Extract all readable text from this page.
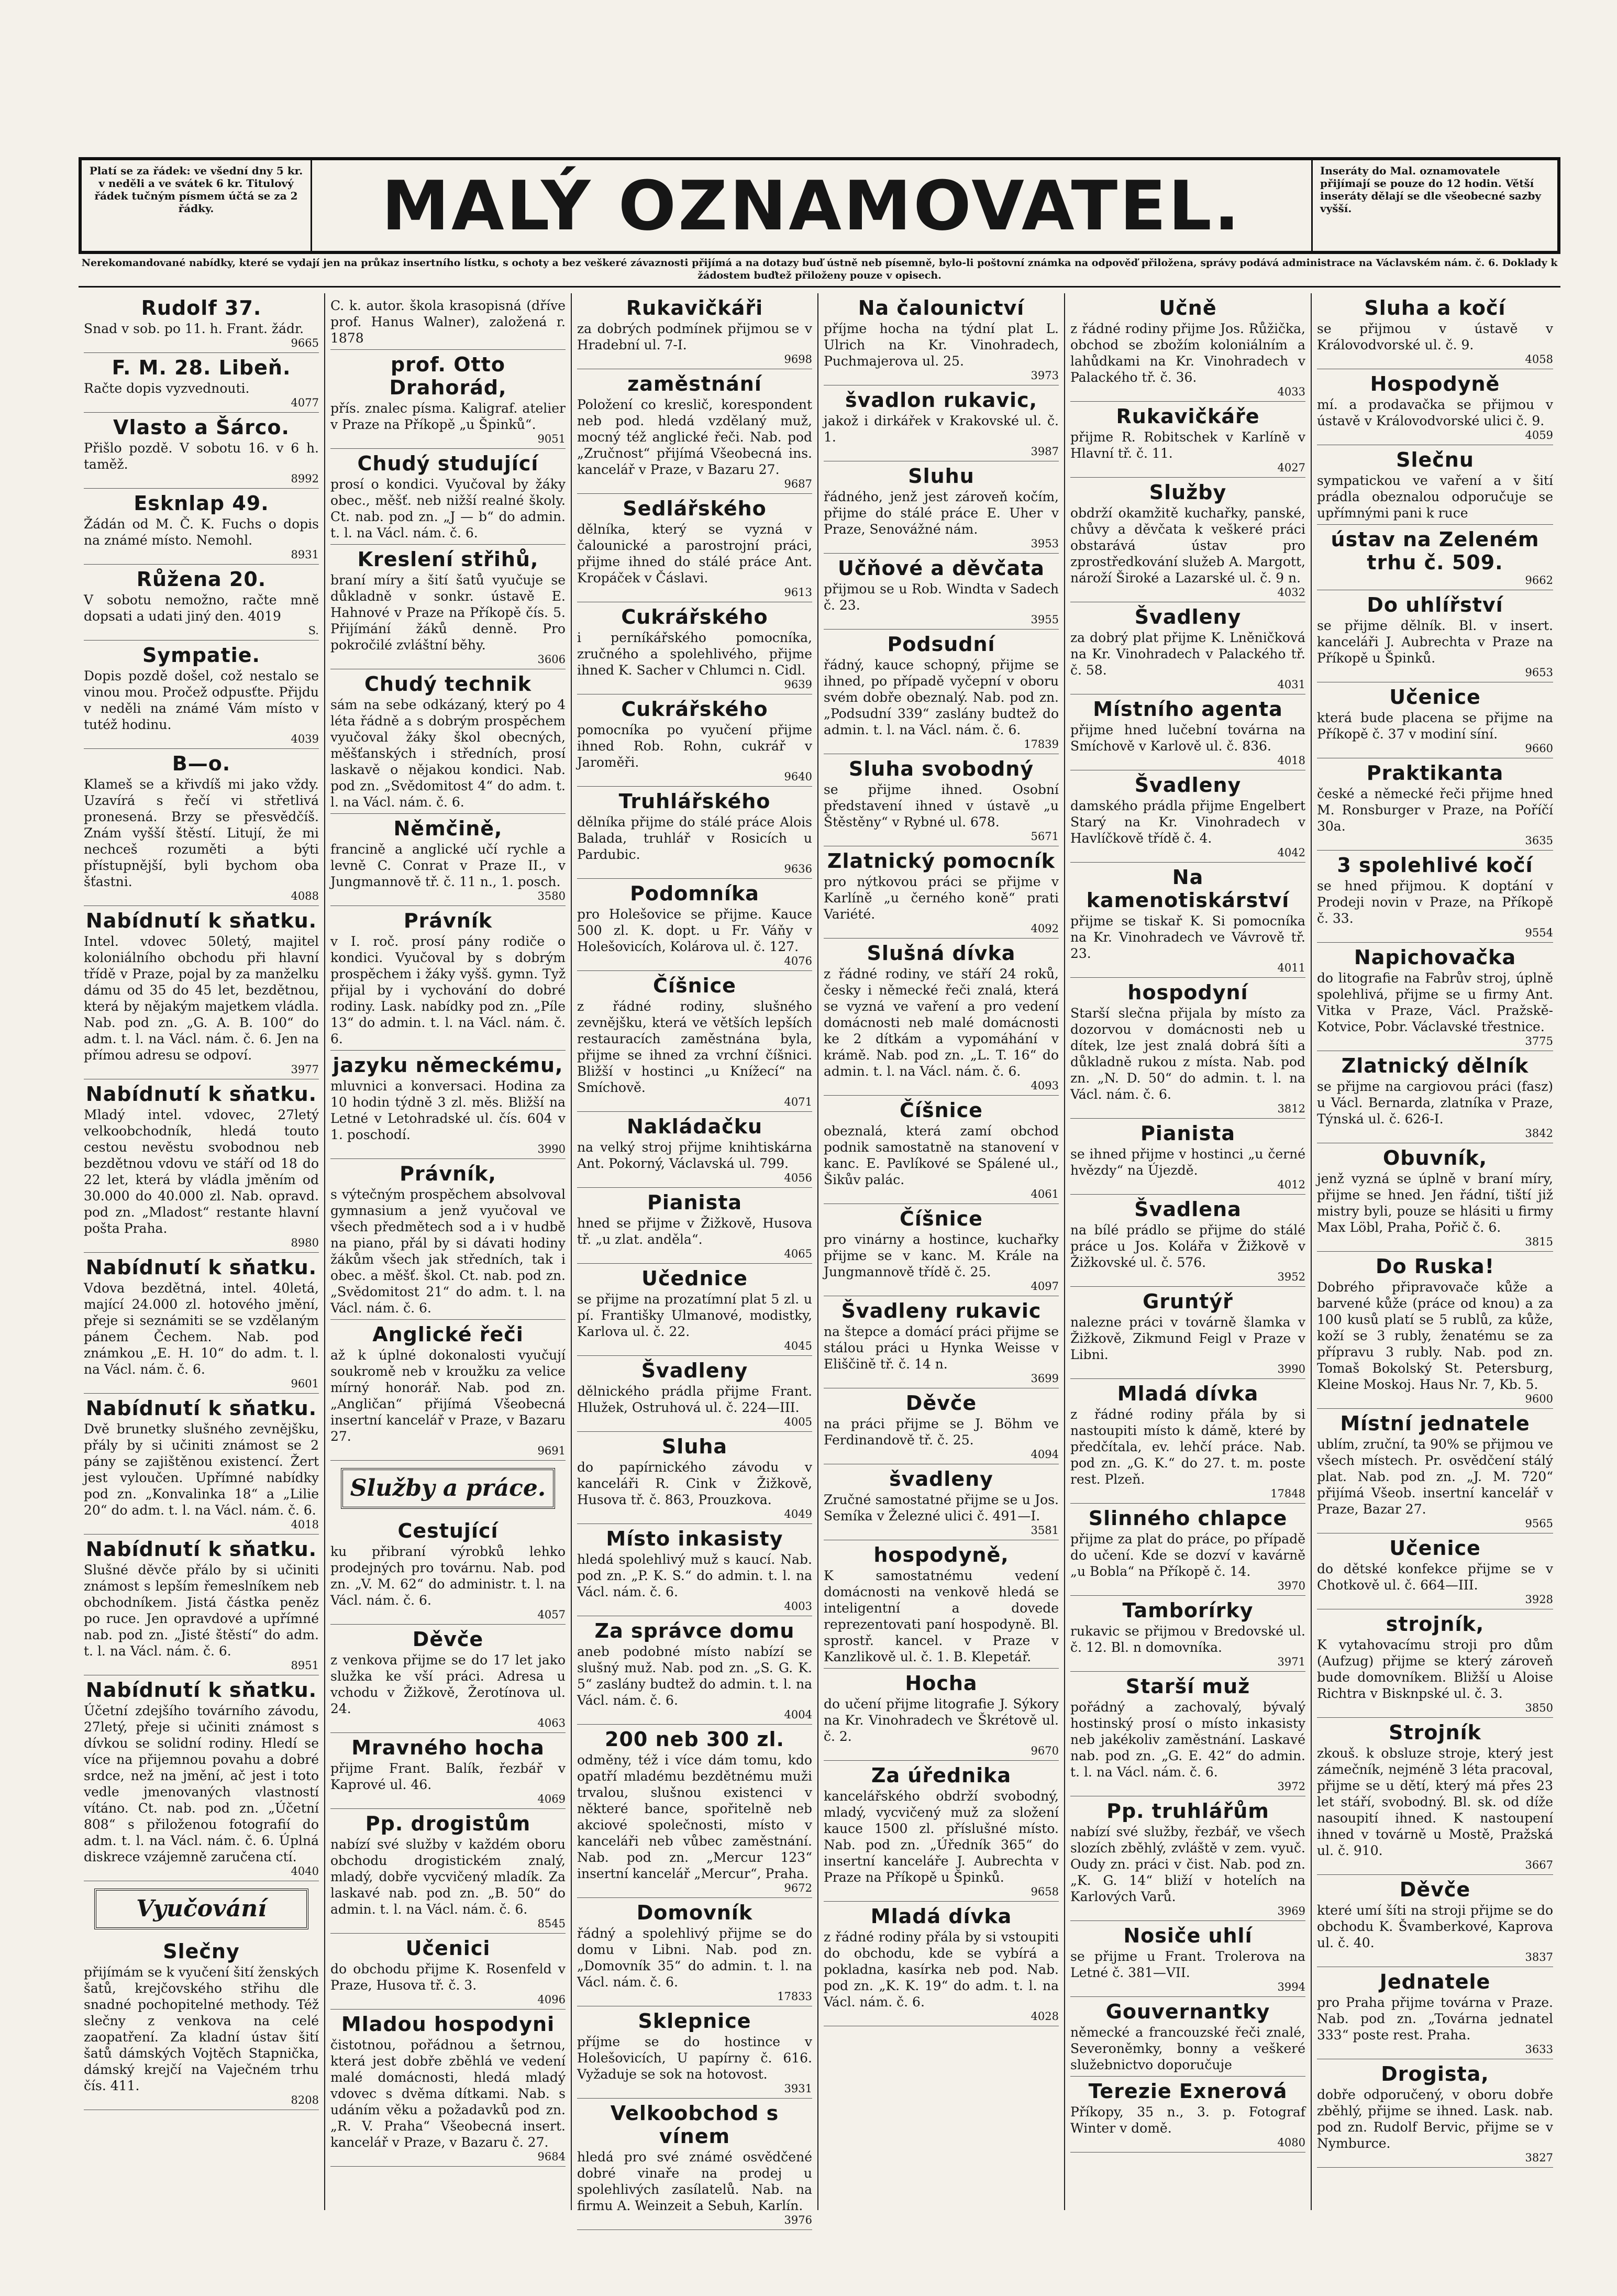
Platí se za řádek: ve všední dny 5 kr. v neděli a ve svátek 6 kr. Titulový řádek tučným písmem účtá se za 2 řádky.	MALÝ OZNAMOVATEL.	Inseráty do Mal. oznamovatele přijímají se pouze do 12 hodin. Větší inseráty dělají se dle všeobecné sazby vyšší.
Nerekomandované nabídky, které se vydají jen na průkaz insertního lístku, s ochoty a bez veškeré závaznosti přijímá a na dotazy buď ústně neb písemně, bylo-li poštovní známka na odpověď přiložena, správy podává administrace na Václavském nám. č. 6. Doklady k žádostem buďtež přiloženy pouze v opisech.
Rudolf 37.

Snad v sob. po 11. h. Frant. žádr.

9665
F. M. 28. Libeň.

Račte dopis vyzvednouti.

4077
Vlasto a Šárco.

Přišlo pozdě. V sobotu 16. v 6 h. taměž.

8992
Esknlap 49.

Žádán od M. Č. K. Fuchs o dopis na známé místo. Nemohl.

8931
Růžena 20.

V sobotu nemožno, račte mně dopsati a udati jiný den. 4019

S.
Sympatie.

Dopis pozdě došel, což nestalo se vinou mou. Pročež odpusťte. Přijdu v neděli na známé Vám místo v tutéž hodinu.

4039
B—o.

Klameš se a křivdíš mi jako vždy. Uzavírá s řečí vi střetlivá pronesená. Brzy se přesvědčíš. Znám vyšší štěstí. Litují, že mi nechceš rozuměti a býti přístupnější, byli bychom oba šťastni.

4088
Nabídnutí k sňatku.

Intel. vdovec 50letý, majitel koloniálního obchodu při hlavní třídě v Praze, pojal by za manželku dámu od 35 do 45 let, bezdětnou, která by nějakým majetkem vládla. Nab. pod zn. „G. A. B. 100“ do adm. t. l. na Václ. nám. č. 6. Jen na přímou adresu se odpoví.

3977
Nabídnutí k sňatku.

Mladý intel. vdovec, 27letý velkoobchodník, hledá touto cestou nevěstu svobodnou neb bezdětnou vdovu ve stáří od 18 do 22 let, která by vládla jměním od 30.000 do 40.000 zl. Nab. opravd. pod zn. „Mladost“ restante hlavní pošta Praha.

8980
Nabídnutí k sňatku.

Vdova bezdětná, intel. 40letá, mající 24.000 zl. hotového jmění, přeje si seznámiti se se vzdělaným pánem Čechem. Nab. pod známkou „E. H. 10“ do adm. t. l. na Václ. nám. č. 6.

9601
Nabídnutí k sňatku.

Dvě brunetky slušného zevnějšku, přály by si učiniti známost se 2 pány se zajištěnou existencí. Žert jest vyloučen. Upřímné nabídky pod zn. „Konvalinka 18“ a „Lilie 20“ do adm. t. l. na Václ. nám. č. 6.

4018
Nabídnutí k sňatku.

Slušné děvče přálo by si učiniti známost s lepším řemeslníkem neb obchodníkem. Jistá částka peněz po ruce. Jen opravdové a upřímné nab. pod zn. „Jisté štěstí“ do adm. t. l. na Václ. nám. č. 6.

8951
Nabídnutí k sňatku.

Účetní zdejšího továrního závodu, 27letý, přeje si učiniti známost s dívkou se solidní rodiny. Hledí se více na přijemnou povahu a dobré srdce, než na jmění, ač jest i toto vedle jmenovaných vlastností vítáno. Ct. nab. pod zn. „Účetní 808“ s přiloženou fotografií do adm. t. l. na Václ. nám. č. 6. Úplná diskrece vzájemně zaručena ctí.

4040
Vyučování
Slečny

přijímám se k vyučení šití ženských šatů, krejčovského střihu dle snadné pochopitelné methody. Též slečny z venkova na celé zaopatření. Za kladní ústav šití šatů dámských Vojtěch Stapnička, dámský krejčí na Vaječném trhu čís. 411.

8208

C. k. autor. škola krasopisná (dříve prof. Hanus Walner), založená r. 1878

prof. Otto Drahorád,

přís. znalec písma. Kaligraf. atelier v Praze na Příkopě „u Špinků“.

9051
Chudý studující

prosí o kondici. Vyučoval by žáky obec., měšť. neb nižší realné školy. Ct. nab. pod zn. „J — b“ do admin. t. l. na Václ. nám. č. 6.

Kreslení střihů,

braní míry a šití šatů vyučuje se důkladně v sonkr. ústavě E. Hahnové v Praze na Příkopě čís. 5. Přijímání žáků denně. Pro pokročilé zvláštní běhy.

3606
Chudý technik

sám na sebe odkázaný, který po 4 léta řádně a s dobrým prospěchem vyučoval žáky škol obecných, měšťanských i středních, prosí laskavě o nějakou kondici. Nab. pod zn. „Svědomitost 4“ do adm. t. l. na Václ. nám. č. 6.

Němčině,

francině a anglické učí rychle a levně C. Conrat v Praze II., v Jungmannově tř. č. 11 n., 1. posch.

3580
Právník

v I. roč. prosí pány rodiče o kondici. Vyučoval by s dobrým prospěchem i žáky vyšš. gymn. Tyž přijal by i vychování do dobré rodiny. Lask. nabídky pod zn. „Píle 13“ do admin. t. l. na Václ. nám. č. 6.

jazyku německému,

mluvnici a konversaci. Hodina za 10 hodin týdně 3 zl. měs. Bližší na Letné v Letohradské ul. čís. 604 v 1. poschodí.

3990
Právník,

s výtečným prospěchem absolvoval gymnasium a jenž vyučoval ve všech předmětech sod a i v hudbě na piano, přál by si dávati hodiny žákům všech jak středních, tak i obec. a měšť. škol. Ct. nab. pod zn. „Svědomitost 21“ do adm. t. l. na Václ. nám. č. 6.

Anglické řeči

až k úplné dokonalosti vyučují soukromě neb v kroužku za velice mírný honorář. Nab. pod zn. „Angličan“ přijímá Všeobecná insertní kancelář v Praze, v Bazaru 27.

9691
Služby a práce.
Cestující

ku přibraní výrobků lehko prodejných pro továrnu. Nab. pod zn. „V. M. 62“ do administr. t. l. na Václ. nám. č. 6.

4057
Děvče

z venkova přijme se do 17 let jako služka ke vší práci. Adresa u vchodu v Žižkově, Žerotínova ul. 24.

4063
Mravného hocha

přijme Frant. Balík, řezbář v Kaprové ul. 46.

4069
Pp. drogistům

nabízí své služby v každém oboru obchodu drogistickém znalý, mladý, dobře vycvičený mladík. Za laskavé nab. pod zn. „B. 50“ do admin. t. l. na Václ. nám. č. 6.

8545
Učenici

do obchodu přijme K. Rosenfeld v Praze, Husova tř. č. 3.

4096
Mladou hospodyni

čistotnou, pořádnou a šetrnou, která jest dobře zběhlá ve vedení malé domácnosti, hledá mladý vdovec s dvěma dítkami. Nab. s udáním věku a požadavků pod zn. „R. V. Praha“ Všeobecná insert. kancelář v Praze, v Bazaru č. 27.

9684
Rukavičkáři

za dobrých podmínek přijmou se v Hradební ul. 7-I.

9698
zaměstnání

Položení co kreslič, korespondent neb pod. hledá vzdělaný muž, mocný též anglické řeči. Nab. pod „Zručnost“ přijímá Všeobecná ins. kancelář v Praze, v Bazaru 27.

9687
Sedlářského

dělníka, který se vyzná v čalounické a parostrojní práci, přijme ihned do stálé práce Ant. Kropáček v Čáslavi.

9613
Cukrářského

i perníkářského pomocníka, zručného a spolehlivého, přijme ihned K. Sacher v Chlumci n. Cidl.

9639
Cukrářského

pomocníka po vyučení přijme ihned Rob. Rohn, cukrář v Jaroměři.

9640
Truhlářského

dělníka přijme do stálé práce Alois Balada, truhlář v Rosicích u Pardubic.

9636
Podomníka

pro Holešovice se přijme. Kauce 500 zl. K. dopt. u Fr. Váňy v Holešovicích, Kolárova ul. č. 127.

4076
Číšnice

z řádné rodiny, slušného zevnějšku, která ve větších lepších restauracích zaměstnána byla, přijme se ihned za vrchní číšnici. Bližší v hostinci „u Knížecí“ na Smíchově.

4071
Nakládačku

na velký stroj přijme knihtiskárna Ant. Pokorný, Václavská ul. 799.

4056
Pianista

hned se přijme v Žižkově, Husova tř. „u zlat. anděla“.

4065
Učednice

se přijme na prozatímní plat 5 zl. u pí. Františky Ulmanové, modistky, Karlova ul. č. 22.

4045
Švadleny

dělnického prádla přijme Frant. Hlužek, Ostruhová ul. č. 224—III.

4005
Sluha

do papírnického závodu v kanceláři R. Cink v Žižkově, Husova tř. č. 863, Prouzkova.

4049
Místo inkasisty

hledá spolehlivý muž s kaucí. Nab. pod zn. „P. K. S.“ do admin. t. l. na Václ. nám. č. 6.

4003
Za správce domu

aneb podobné místo nabízí se slušný muž. Nab. pod zn. „S. G. K. 5“ zaslány budtež do admin. t. l. na Václ. nám. č. 6.

4004
200 neb 300 zl.

odměny, též i více dám tomu, kdo opatří mladému bezdětnému muži trvalou, slušnou existenci v některé bance, spořitelně neb akciové společnosti, místo v kanceláři neb vůbec zaměstnání. Nab. pod zn. „Mercur 123“ insertní kancelář „Mercur“, Praha.

9672
Domovník

řádný a spolehlivý přijme se do domu v Libni. Nab. pod zn. „Domovník 35“ do admin. t. l. na Václ. nám. č. 6.

17833
Sklepnice

příjme se do hostince v Holešovicích, U papírny č. 616. Vyžaduje se sok na hotovost.

3931
Velkoobchod s vínem

hledá pro své známé osvědčené dobré vinaře na prodej u spolehlivých zasílatelů. Nab. na firmu A. Weinzeit a Sebuh, Karlín.

3976
Na čalounictví

příjme hocha na týdní plat L. Ulrich na Kr. Vinohradech, Puchmajerova ul. 25.

3973
švadlon rukavic,

jakož i dirkářek v Krakovské ul. č. 1.

3987
Sluhu

řádného, jenž jest zároveň kočím, přijme do stálé práce E. Uher v Praze, Senovážné nám.

3953
Učňové a děvčata

přijmou se u Rob. Windta v Sadech č. 23.

3955
Podsudní

řádný, kauce schopný, přijme se ihned, po případě vyčepní v oboru svém dobře obeznalý. Nab. pod zn. „Podsudní 339“ zaslány budtež do admin. t. l. na Václ. nám. č. 6.

17839
Sluha svobodný

se přijme ihned. Osobní představení ihned v ústavě „u Štěstěny“ v Rybné ul. 678.

5671
Zlatnický pomocník

pro nýtkovou práci se přijme v Karlíně „u černého koně“ prati Variété.

4092
Slušná dívka

z řádné rodiny, ve stáří 24 roků, česky i německé řeči znalá, která se vyzná ve vaření a pro vedení domácnosti neb malé domácnosti ke 2 dítkám a vypomáhání v krámě. Nab. pod zn. „L. T. 16“ do admin. t. l. na Václ. nám. č. 6.

4093
Číšnice

obeznalá, která zamí obchod podnik samostatně na stanovení v kanc. E. Pavlíkové se Spálené ul., Šikův palác.

4061
Číšnice

pro vinárny a hostince, kuchařky přijme se v kanc. M. Krále na Jungmannově třídě č. 25.

4097
Švadleny rukavic

na štepce a domácí práci přijme se stálou práci u Hynka Weisse v Eliščině tř. č. 14 n.

3699
Děvče

na práci přijme se J. Böhm ve Ferdinandově tř. č. 25.

4094
švadleny

Zručné samostatné přijme se u Jos. Semíka v Železné ulici č. 491—I.

3581
hospodyně,

K samostatnému vedení domácnosti na venkově hledá se inteligentní a dovede reprezentovati paní hospodyně. Bl. sprostř. kancel. v Praze v Kanzlikově ul. č. 1. B. Klepetář.

Hocha

do učení přijme litografie J. Sýkory na Kr. Vinohradech ve Škrétově ul. č. 2.

9670
Za úřednika

kancelářského obdrží svobodný, mladý, vycvičený muž za složení kauce 1500 zl. příslušné místo. Nab. pod zn. „Úředník 365“ do insertní kanceláře J. Aubrechta v Praze na Příkopě u Špinků.

9658
Mladá dívka

z řádné rodiny přála by si vstoupiti do obchodu, kde se vybírá a pokladna, kasírka neb pod. Nab. pod zn. „K. K. 19“ do adm. t. l. na Václ. nám. č. 6.

4028
Učně

z řádné rodiny přijme Jos. Růžička, obchod se zbožím koloniálním a lahůdkami na Kr. Vinohradech v Palackého tř. č. 36.

4033
Rukavičkáře

přijme R. Robitschek v Karlíně v Hlavní tř. č. 11.

4027
Služby

obdrží okamžitě kuchařky, panské, chůvy a děvčata k veškeré práci obstarává ústav pro zprostředkování služeb A. Margott, nároží Široké a Lazarské ul. č. 9 n.

4032
Švadleny

za dobrý plat přijme K. Lněničková na Kr. Vinohradech v Palackého tř. č. 58.

4031
Místního agenta

přijme hned lučební továrna na Smíchově v Karlově ul. č. 836.

4018
Švadleny

damského prádla přijme Engelbert Starý na Kr. Vinohradech v Havlíčkově třídě č. 4.

4042
Na kamenotiskárství

přijme se tiskař K. Si pomocníka na Kr. Vinohradech ve Vávrově tř. 23.

4011
hospodyní

Starší slečna přijala by místo za dozorvou v domácnosti neb u dítek, lze jest znalá dobrá šíti a důkladně rukou z místa. Nab. pod zn. „N. D. 50“ do admin. t. l. na Václ. nám. č. 6.

3812
Pianista

se ihned přijme v hostinci „u černé hvězdy“ na Újezdě.

4012
Švadlena

na bílé prádlo se přijme do stálé práce u Jos. Kolářa v Žižkově v Žižkovské ul. č. 576.

3952
Gruntýř

nalezne práci v továrně šlamka v Žižkově, Zikmund Feigl v Praze v Libni.

3990
Mladá dívka

z řádné rodiny přála by si nastoupiti místo k dámě, které by předčítala, ev. lehčí práce. Nab. pod zn. „G. K.“ do 27. t. m. poste rest. Plzeň.

17848
Slinného chlapce

přijme za plat do práce, po případě do učení. Kde se dozví v kavárně „u Bobla“ na Příkopě č. 14.

3970
Tamborírky

rukavic se přijmou v Bredovské ul. č. 12. Bl. n domovníka.

3971
Starší muž

pořádný a zachovalý, bývalý hostinský prosí o místo inkasisty neb jakékoliv zaměstnání. Laskavé nab. pod zn. „G. E. 42“ do admin. t. l. na Václ. nám. č. 6.

3972
Pp. truhlářům

nabízí své služby, řezbář, ve všech slozích zběhlý, zvláště v zem. vyuč. Oudy zn. práci v čist. Nab. pod zn. „K. G. 14“ bliží v hotelích na Karlových Varů.

3969
Nosiče uhlí

se přijme u Frant. Trolerova na Letné č. 381—VII.

3994
Gouvernantky

německé a francouzské řeči znalé, Severoněmky, bonny a veškeré služebnictvo doporučuje

Terezie Exnerová

Příkopy, 35 n., 3. p. Fotograf Winter v domě.

4080
Sluha a kočí

se přijmou v ústavě v Královodvorské ul. č. 9.

4058
Hospodyně

mí. a prodavačka se přijmou v ústavě v Královodvorské ulici č. 9.

4059
Slečnu

sympatickou ve vaření a v šití prádla obeznalou odporučuje se upřímnými pani k ruce

ústav na Zeleném trhu č. 509.
9662
Do uhlířství

se přijme dělník. Bl. v insert. kanceláři J. Aubrechta v Praze na Příkopě u Špinků.

9653
Učenice

která bude placena se přijme na Příkopě č. 37 v modiní síní.

9660
Praktikanta

české a německé řeči přijme hned M. Ronsburger v Praze, na Poříčí 30a.

3635
3 spolehlivé kočí

se hned přijmou. K doptání v Prodeji novin v Praze, na Příkopě č. 33.

9554
Napichovačka

do litografie na Fabrův stroj, úplně spolehlivá, přijme se u firmy Ant. Vitka v Praze, Václ. Pražskě-Kotvice, Pobr. Václavské třestnice.

3775
Zlatnický dělník

se přijme na cargiovou práci (fasz) u Václ. Bernarda, zlatníka v Praze, Týnská ul. č. 626-I.

3842
Obuvník,

jenž vyzná se úplně v braní míry, přijme se hned. Jen řádní, tiští již mistry byli, pouze se hlásiti u firmy Max Löbl, Praha, Pořič č. 6.

3815
Do Ruska!

Dobrého připravovače kůže a barvené kůže (práce od knou) a za 100 kusů platí se 5 rublů, za kůže, koží se 3 rubly, ženatému se za přípravu 3 rubly. Nab. pod zn. Tomaš Bokolský St. Petersburg, Kleine Moskoj. Haus Nr. 7, Kb. 5.

9600
Místní jednatele

ublím, zruční, ta 90% se přijmou ve všech místech. Pr. osvědčení stálý plat. Nab. pod zn. „J. M. 720“ přijímá Všeob. insertní kancelář v Praze, Bazar 27.

9565
Učenice

do dětské konfekce přijme se v Chotkově ul. č. 664—III.

3928
strojník,

K vytahovacímu stroji pro dům (Aufzug) přijme se který zároveň bude domovníkem. Bližší u Aloise Richtra v Bisknpské ul. č. 3.

3850
Strojník

zkouš. k obsluze stroje, který jest zámečník, nejméně 3 léta pracoval, přijme se u dětí, který má přes 23 let stáří, svobodný. Bl. sk. od díže nasoupití ihned. K nastoupení ihned v továrně u Mostě, Pražská ul. č. 910.

3667
Děvče

které umí šíti na stroji přijme se do obchodu K. Švamberkové, Kaprova ul. č. 40.

3837
Jednatele

pro Praha přijme továrna v Praze. Nab. pod zn. „Továrna jednatel 333“ poste rest. Praha.

3633
Drogista,

dobře odporučený, v oboru dobře zběhlý, přijme se ihned. Lask. nab. pod zn. Rudolf Bervic, přijme se v Nymburce.

3827
